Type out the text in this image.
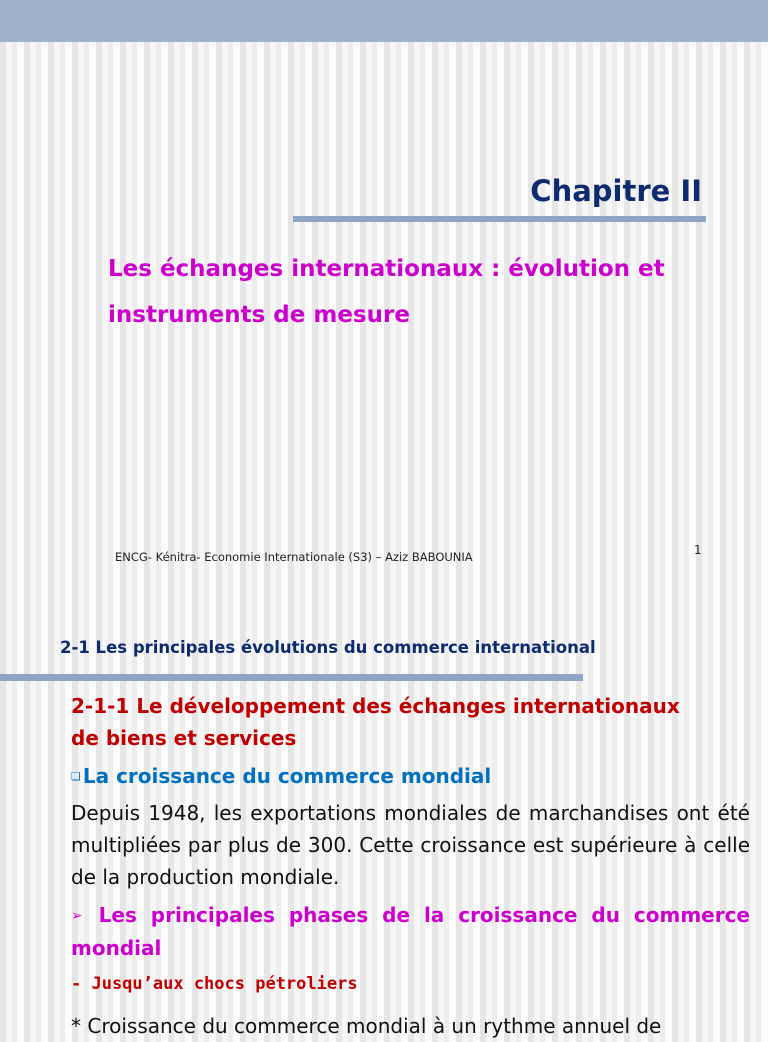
Chapitre II
Les échanges internationaux : évolution et
instruments de mesure
ENCG- Kénitra- Economie Internationale (S3) – Aziz BABOUNIA	1
2-1 Les principales évolutions du commerce international
2-1-1 Le développement des échanges internationaux
de biens et services
❑ La croissance du commerce mondial
Depuis 1948, les exportations mondiales de marchandises ont été multipliées par plus de 300. Cette croissance est supérieure à celle de la production mondiale.
➢ Les principales phases de la croissance du commerce mondial
- Jusqu’aux chocs pétroliers
* Croissance du commerce mondial à un rythme annuel de
